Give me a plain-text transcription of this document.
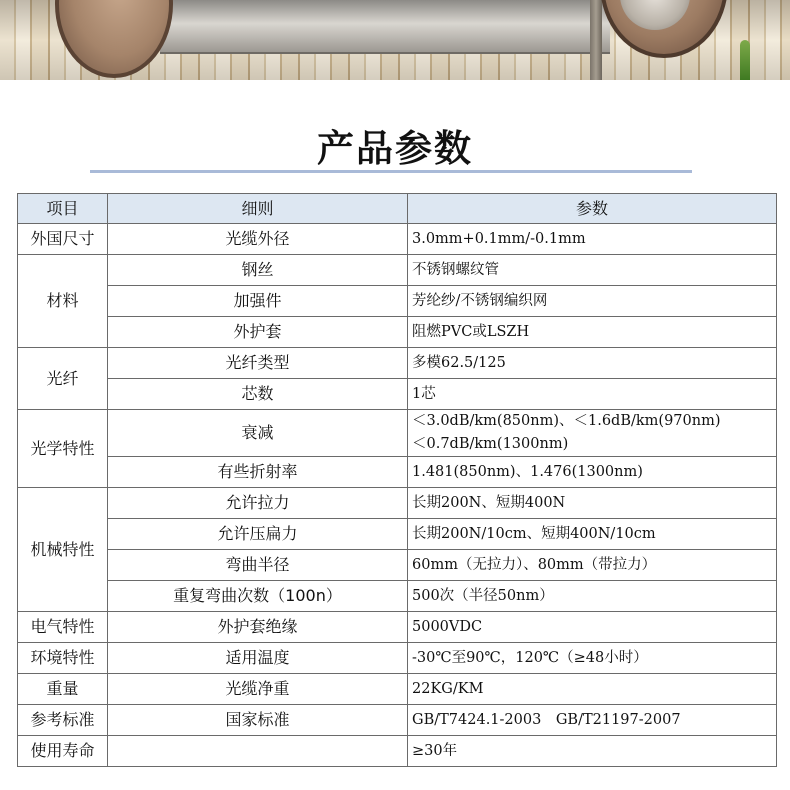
产品参数
项目	细则	参数
外国尺寸	光缆外径	3.0mm+0.1mm/-0.1mm
材料	钢丝	不锈钢螺纹管
	加强件	芳纶纱/不锈钢编织网
	外护套	阻燃PVC或LSZH
光纤	光纤类型	多模62.5/125
	芯数	1芯
光学特性	衰减	＜3.0dB/km(850nm)、＜1.6dB/km(970nm)
＜0.7dB/km(1300nm)

	有些折射率	1.481(850nm)、1.476(1300nm)
机械特性	允许拉力	长期200N、短期400N
	允许压扁力	长期200N/10cm、短期400N/10cm
	弯曲半径	60mm（无拉力）、80mm（带拉力）
	重复弯曲次数（100n）	500次（半径50nm）
电气特性	外护套绝缘	5000VDC
环境特性	适用温度	-30℃至90℃，120℃（≥48小时）
重量	光缆净重	22KG/KM
参考标准	国家标准	GB/T7424.1-2003　GB/T21197-2007
使用寿命		≥30年
